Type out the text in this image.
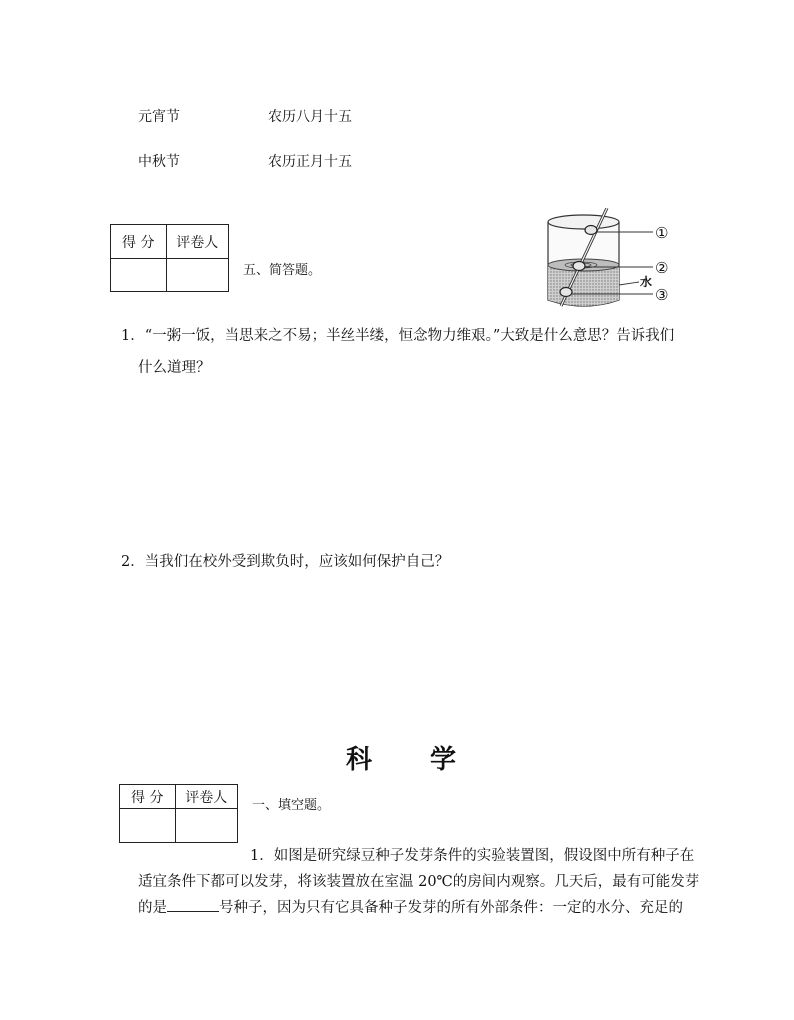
元宵节	农历八月十五
中秋节	农历正月十五
得 分	评卷人

五、简答题。
①
②
水
③
1．“一粥一饭，当思来之不易；半丝半缕，恒念物力维艰。”大致是什么意思？告诉我们
什么道理？
2．当我们在校外受到欺负时，应该如何保护自己？
科　　学
得 分	评卷人
	一、填空题。
1．如图是研究绿豆种子发芽条件的实验装置图，假设图中所有种子在
适宜条件下都可以发芽，将该装置放在室温 20℃的房间内观察。几天后，最有可能发芽
的是	号种子，因为只有它具备种子发芽的所有外部条件：一定的水分、充足的
